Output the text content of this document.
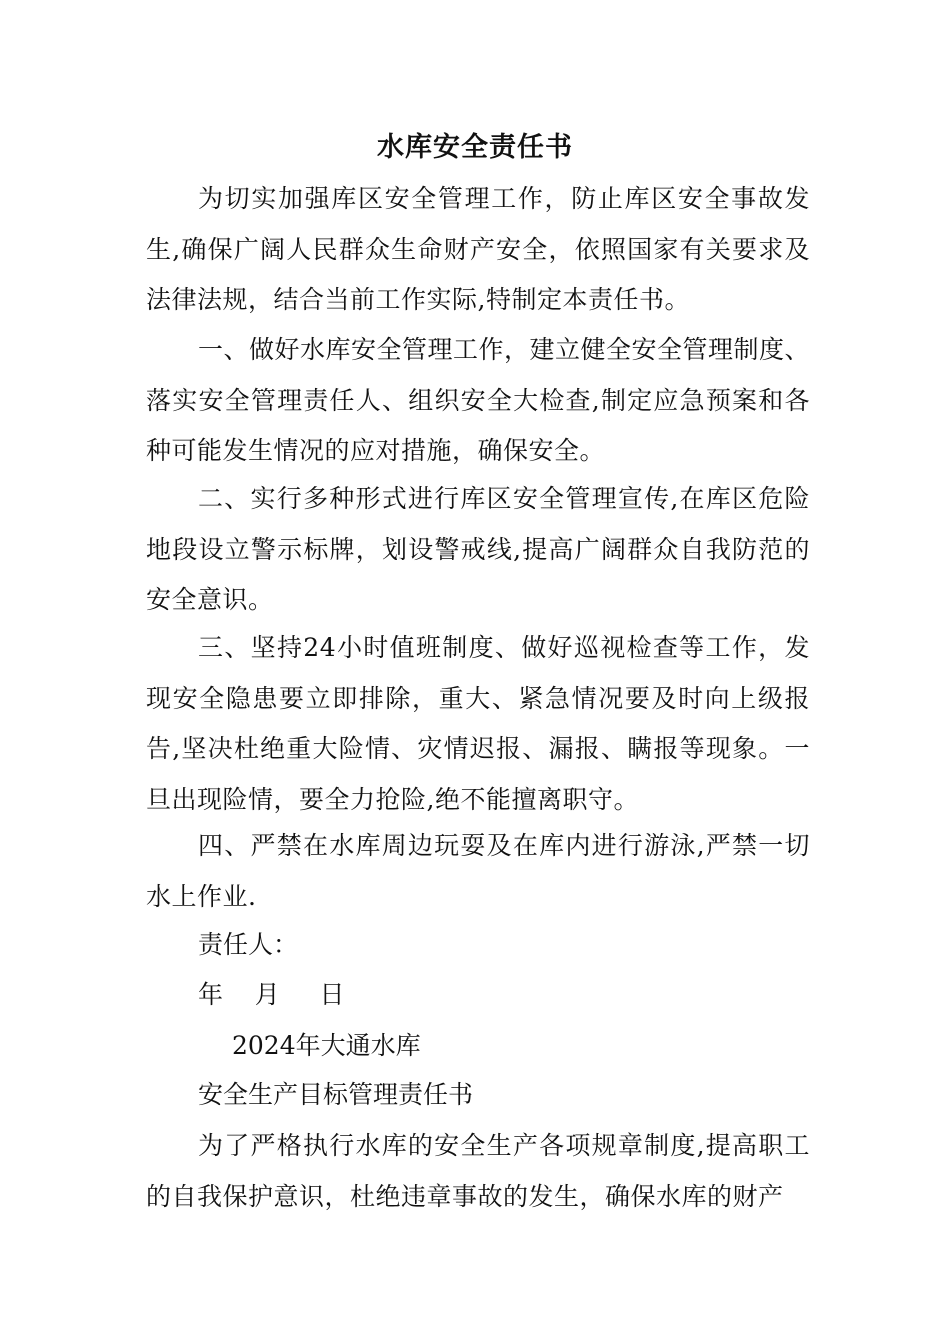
水库安全责任书
为切实加强库区安全管理工作，防止库区安全事故发生,确保广阔人民群众生命财产安全，依照国家有关要求及法律法规，结合当前工作实际,特制定本责任书。
一、做好水库安全管理工作，建立健全安全管理制度、落实安全管理责任人、组织安全大检查,制定应急预案和各种可能发生情况的应对措施，确保安全。
二、实行多种形式进行库区安全管理宣传,在库区危险地段设立警示标牌，划设警戒线,提高广阔群众自我防范的安全意识。
三、坚持24小时值班制度、做好巡视检查等工作，发现安全隐患要立即排除，重大、紧急情况要及时向上级报告,坚决杜绝重大险情、灾情迟报、漏报、瞒报等现象。一旦出现险情，要全力抢险,绝不能擅离职守。
四、严禁在水库周边玩耍及在库内进行游泳,严禁一切水上作业.
责任人：
年    月     日
2024年大通水库
安全生产目标管理责任书
为了严格执行水库的安全生产各项规章制度,提高职工的自我保护意识，杜绝违章事故的发生，确保水库的财产
